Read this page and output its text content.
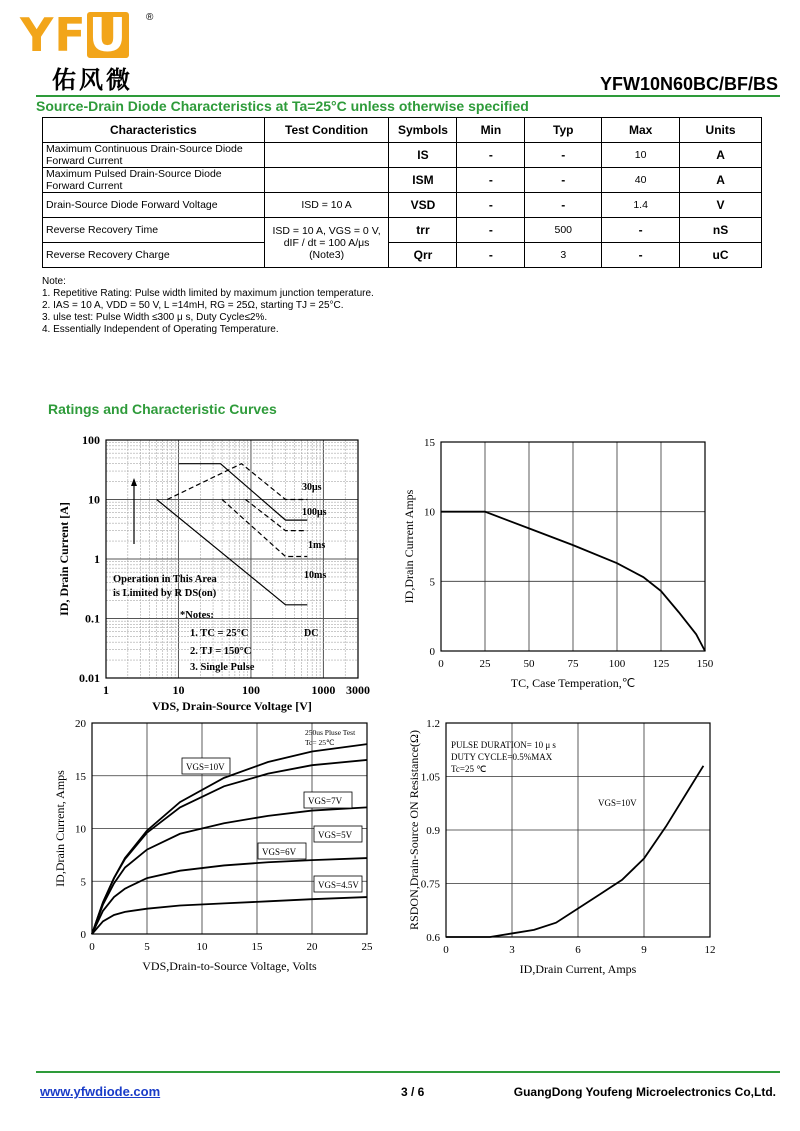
YFU ®
佑风微	YFW10N60BC/BF/BS
Source-Drain Diode Characteristics at Ta=25°C unless otherwise specified
Characteristics	Test Condition	Symbols	Min	Typ	Max	Units
Maximum Continuous Drain-Source Diode Forward Current		IS	-	-	10	A
Maximum Pulsed Drain-Source Diode Forward Current		ISM	-	-	40	A
Drain-Source Diode Forward Voltage	ISD = 10 A	VSD	-	-	1.4	V
Reverse Recovery Time	ISD = 10 A, VGS = 0 V,
dIF / dt = 100 A/μs
(Note3)	trr	-	500	-	nS
Reverse Recovery Charge		Qrr	-	3	-	uC
Note:
1. Repetitive Rating: Pulse width limited by maximum junction temperature.
2. IAS = 10 A, VDD = 50 V, L =14mH, RG = 25Ω, starting TJ = 25°C.
3. ulse test: Pulse Width ≤300 μ s, Duty Cycle≤2%.
4. Essentially Independent of Operating Temperature.
Ratings and Characteristic Curves
1	10	100	1000 3000
100
10
1
0.1
0.01
VDS, Drain-Source Voltage [V]
ID, Drain Current [A]
0	25	50	75	100	125	150
0
5
10
15
TC, Case Temperation,℃
ID,Drain Current Amps
0	5	10	15	20	25
0
5
10
15
20
VDS,Drain-to-Source Voltage, Volts
ID,Drain Current, Amps
0	3	6	9	12
0.6
0.75
0.9
1.05
1.2
ID,Drain Current, Amps
RSDON,Drain-Source ON Resistance(Ω)
30μs
100μs
1ms
10ms
DC
Operation in This Area
is Limited by R DS(on)
*Notes:
1. TC = 25°C
2. TJ = 150°C
3. Single Pulse
VGS=10V
VGS=7V
VGS=6V
VGS=5V
VGS=4.5V
250us Pluse Test
Tc= 25℃	PULSE DURATION= 10 μ s
DUTY CYCLE=0.5%MAX
Tc=25 ℃
VGS=10V
www.yfwdiode.com	3 / 6	GuangDong Youfeng Microelectronics Co,Ltd.
